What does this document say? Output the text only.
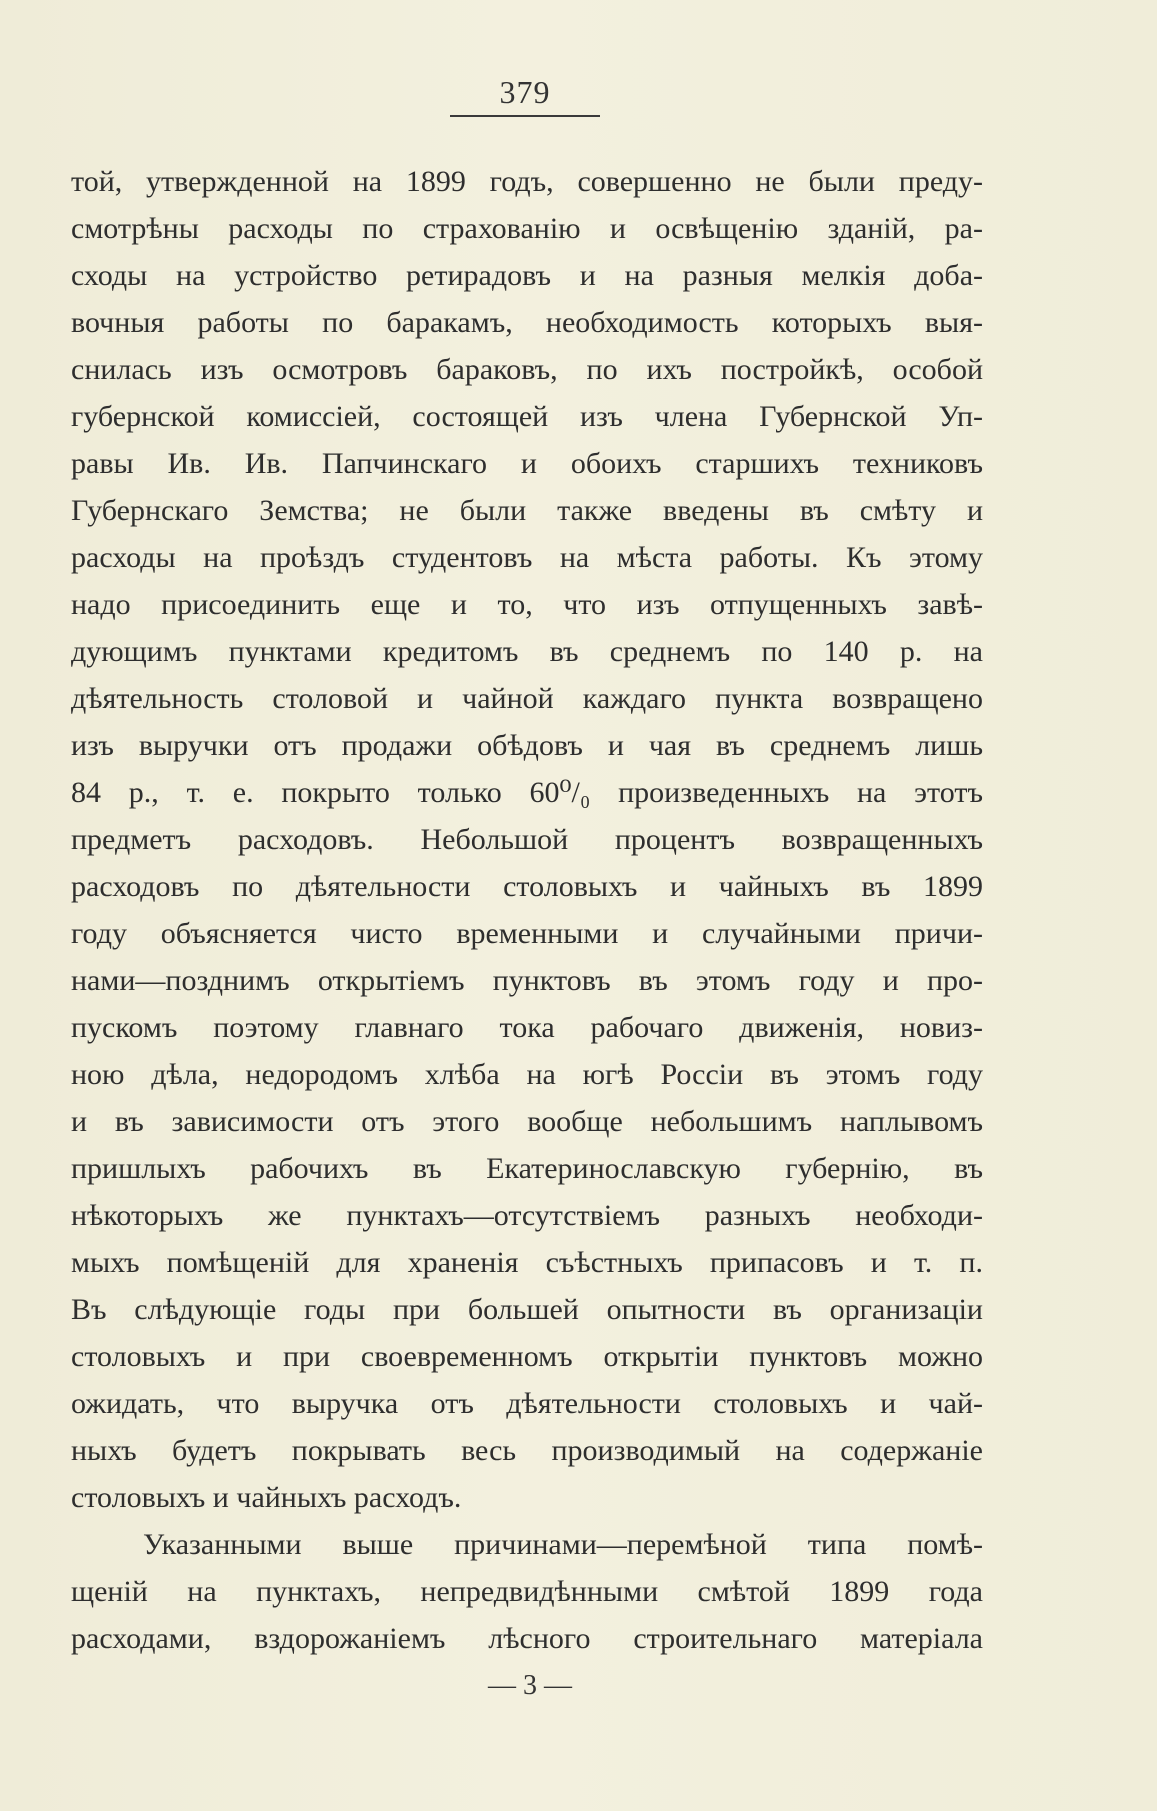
379
той, утвержденной на 1899 годъ, совершенно не были преду-
смотрѣны расходы по страхованію и освѣщенію зданій, ра-
сходы на устройство ретирадовъ и на разныя мелкія доба-
вочныя работы по баракамъ, необходимость которыхъ выя-
снилась изъ осмотровъ бараковъ, по ихъ постройкѣ, особой
губернской комиссіей, состоящей изъ члена Губернской Уп-
равы Ив. Ив. Папчинскаго и обоихъ старшихъ техниковъ
Губернскаго Земства; не были также введены въ смѣту и
расходы на проѣздъ студентовъ на мѣста работы. Къ этому
надо присоединить еще и то, что изъ отпущенныхъ завѣ-
дующимъ пунктами кредитомъ въ среднемъ по 140 р. на
дѣятельность столовой и чайной каждаго пункта возвращено
изъ выручки отъ продажи обѣдовъ и чая въ среднемъ лишь
84 р., т. е. покрыто только 60⁰/₀ произведенныхъ на этотъ
предметъ расходовъ. Небольшой процентъ возвращенныхъ
расходовъ по дѣятельности столовыхъ и чайныхъ въ 1899
году объясняется чисто временными и случайными причи-
нами—позднимъ открытіемъ пунктовъ въ этомъ году и про-
пускомъ поэтому главнаго тока рабочаго движенія, новиз-
ною дѣла, недородомъ хлѣба на югѣ Россіи въ этомъ году
и въ зависимости отъ этого вообще небольшимъ наплывомъ
пришлыхъ рабочихъ въ Екатеринославскую губернію, въ
нѣкоторыхъ же пунктахъ—отсутствіемъ разныхъ необходи-
мыхъ помѣщеній для храненія съѣстныхъ припасовъ и т. п.
Въ слѣдующіе годы при большей опытности въ организаціи
столовыхъ и при своевременномъ открытіи пунктовъ можно
ожидать, что выручка отъ дѣятельности столовыхъ и чай-
ныхъ будетъ покрывать весь производимый на содержаніе
столовыхъ и чайныхъ расходъ.
Указанными выше причинами—перемѣной типа помѣ-
щеній на пунктахъ, непредвидѣнными смѣтой 1899 года
расходами, вздорожаніемъ лѣсного строительнаго матеріала
— 3 —
